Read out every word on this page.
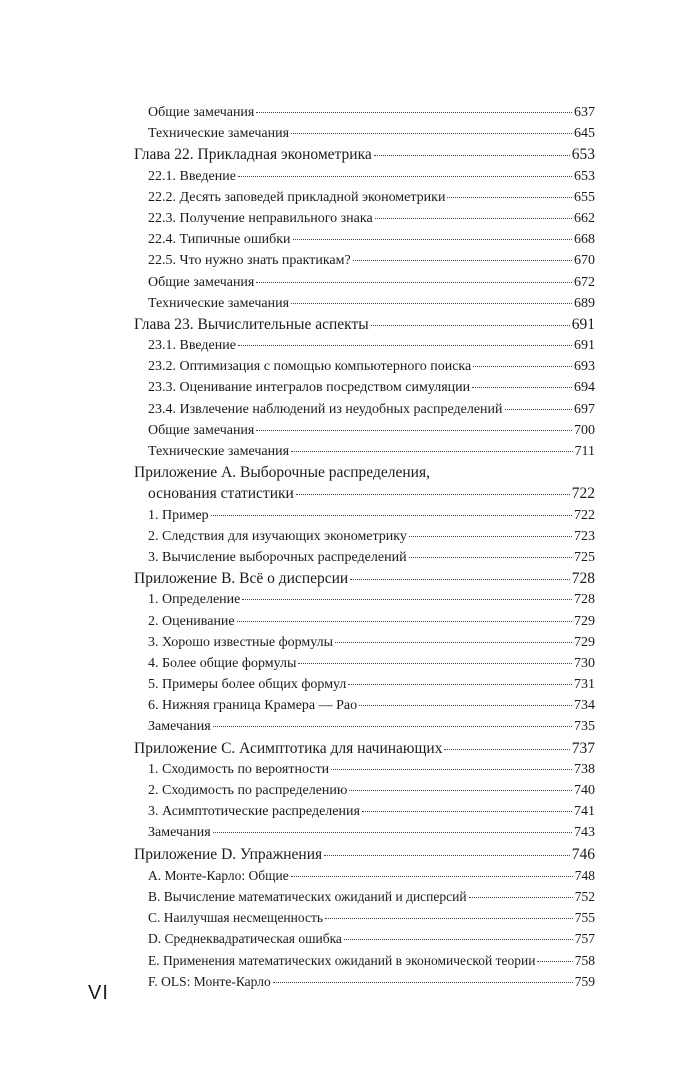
Общие замечания	637
Технические замечания	645
Глава 22. Прикладная эконометрика	653
22.1. Введение	653
22.2. Десять заповедей прикладной эконометрики	655
22.3. Получение неправильного знака	662
22.4. Типичные ошибки	668
22.5. Что нужно знать практикам?	670
Общие замечания	672
Технические замечания	689
Глава 23. Вычислительные аспекты	691
23.1. Введение	691
23.2. Оптимизация с помощью компьютерного поиска	693
23.3. Оценивание интегралов посредством симуляции	694
23.4. Извлечение наблюдений из неудобных распределений	697
Общие замечания	700
Технические замечания	711
Приложение A. Выборочные распределения,
основания статистики	722
1. Пример	722
2. Следствия для изучающих эконометрику	723
3. Вычисление выборочных распределений	725
Приложение B. Всё о дисперсии	728
1. Определение	728
2. Оценивание	729
3. Хорошо известные формулы	729
4. Более общие формулы	730
5. Примеры более общих формул	731
6. Нижняя граница Крамера — Рао	734
Замечания	735
Приложение C. Асимптотика для начинающих	737
1. Сходимость по вероятности	738
2. Сходимость по распределению	740
3. Асимптотические распределения	741
Замечания	743
Приложение D. Упражнения	746
A. Монте-Карло: Общие	748
B. Вычисление математических ожиданий и дисперсий	752
C. Наилучшая несмещенность	755
D. Среднеквадратическая ошибка	757
E. Применения математических ожиданий в экономической теории	758
F. OLS: Монте-Карло	759
VI
